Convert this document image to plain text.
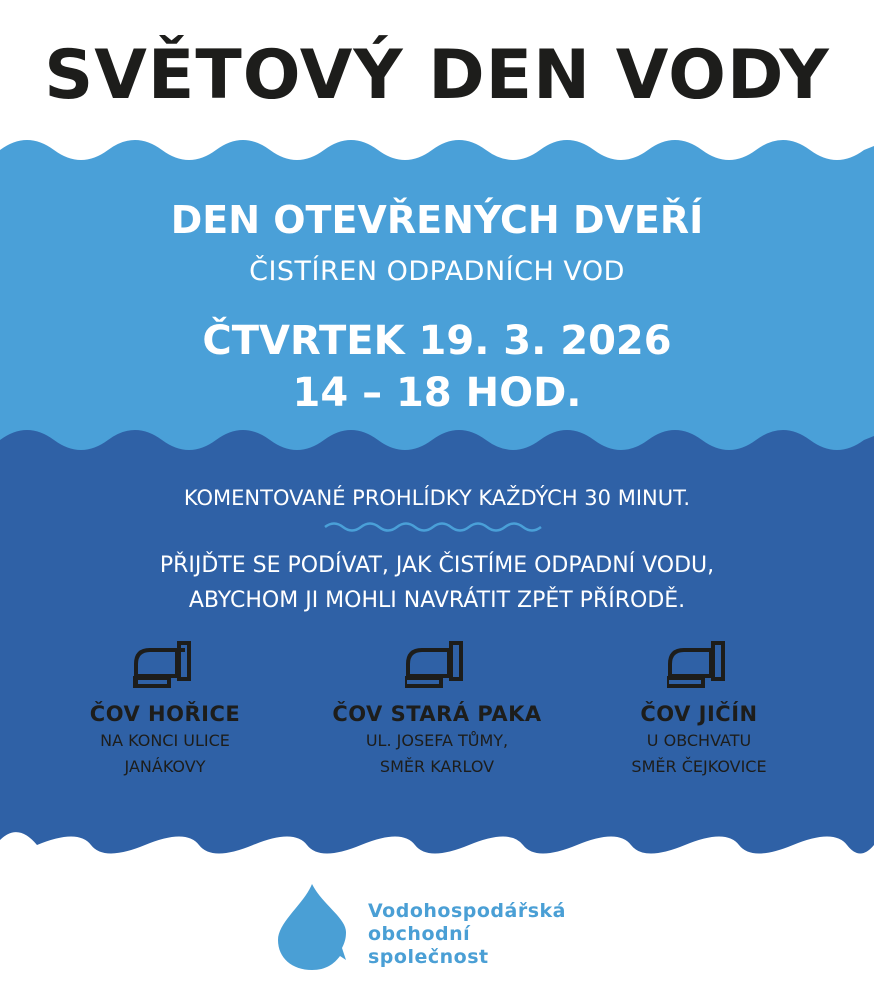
SVĚTOVÝ DEN VODY
DEN OTEVŘENÝCH DVEŘÍ
ČISTÍREN ODPADNÍCH VOD
ČTVRTEK 19. 3. 2026
14 – 18 HOD.
KOMENTOVANÉ PROHLÍDKY KAŽDÝCH 30 MINUT.
PŘIJĎTE SE PODÍVAT, JAK ČISTÍME ODPADNÍ VODU,
ABYCHOM JI MOHLI NAVRÁTIT ZPĚT PŘÍRODĚ.
ČOV HOŘICE
NA KONCI ULICE
JANÁKOVY
ČOV STARÁ PAKA
UL. JOSEFA TŮMY,
SMĚR KARLOV
ČOV JIČÍN
U OBCHVATU
SMĚR ČEJKOVICE
Vodohospodářská
obchodní
společnost
